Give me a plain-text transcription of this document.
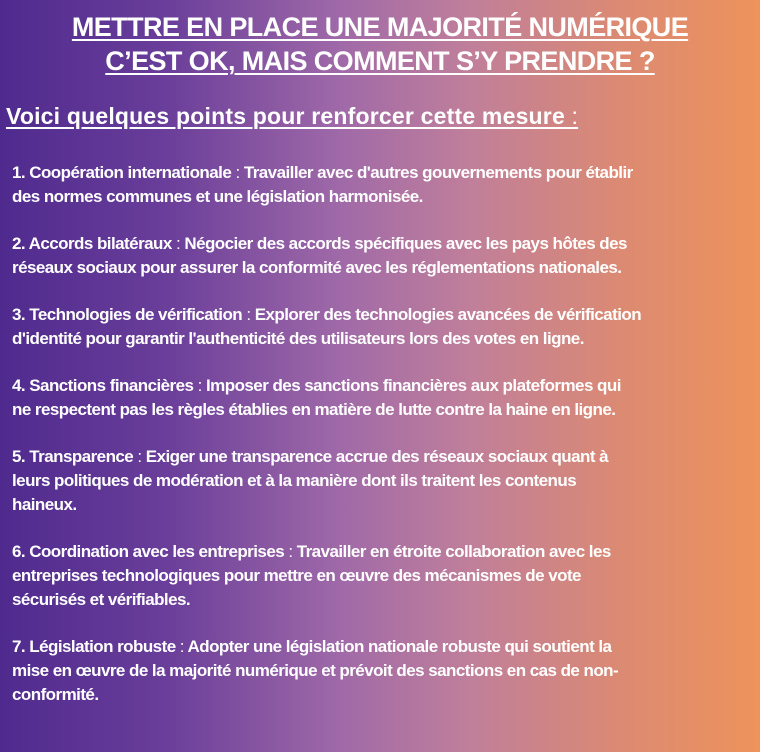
METTRE EN PLACE UNE MAJORITÉ NUMÉRIQUE
C’EST OK, MAIS COMMENT S’Y PRENDRE ?
Voici quelques points pour renforcer cette mesure :
1. Coopération internationale : Travailler avec d'autres gouvernements pour établir
des normes communes et une législation harmonisée.
2. Accords bilatéraux : Négocier des accords spécifiques avec les pays hôtes des
réseaux sociaux pour assurer la conformité avec les réglementations nationales.
3. Technologies de vérification : Explorer des technologies avancées de vérification
d'identité pour garantir l'authenticité des utilisateurs lors des votes en ligne.
4. Sanctions financières : Imposer des sanctions financières aux plateformes qui
ne respectent pas les règles établies en matière de lutte contre la haine en ligne.
5. Transparence : Exiger une transparence accrue des réseaux sociaux quant à
leurs politiques de modération et à la manière dont ils traitent les contenus
haineux.
6. Coordination avec les entreprises : Travailler en étroite collaboration avec les
entreprises technologiques pour mettre en œuvre des mécanismes de vote
sécurisés et vérifiables.
7. Législation robuste : Adopter une législation nationale robuste qui soutient la
mise en œuvre de la majorité numérique et prévoit des sanctions en cas de non-
conformité.
